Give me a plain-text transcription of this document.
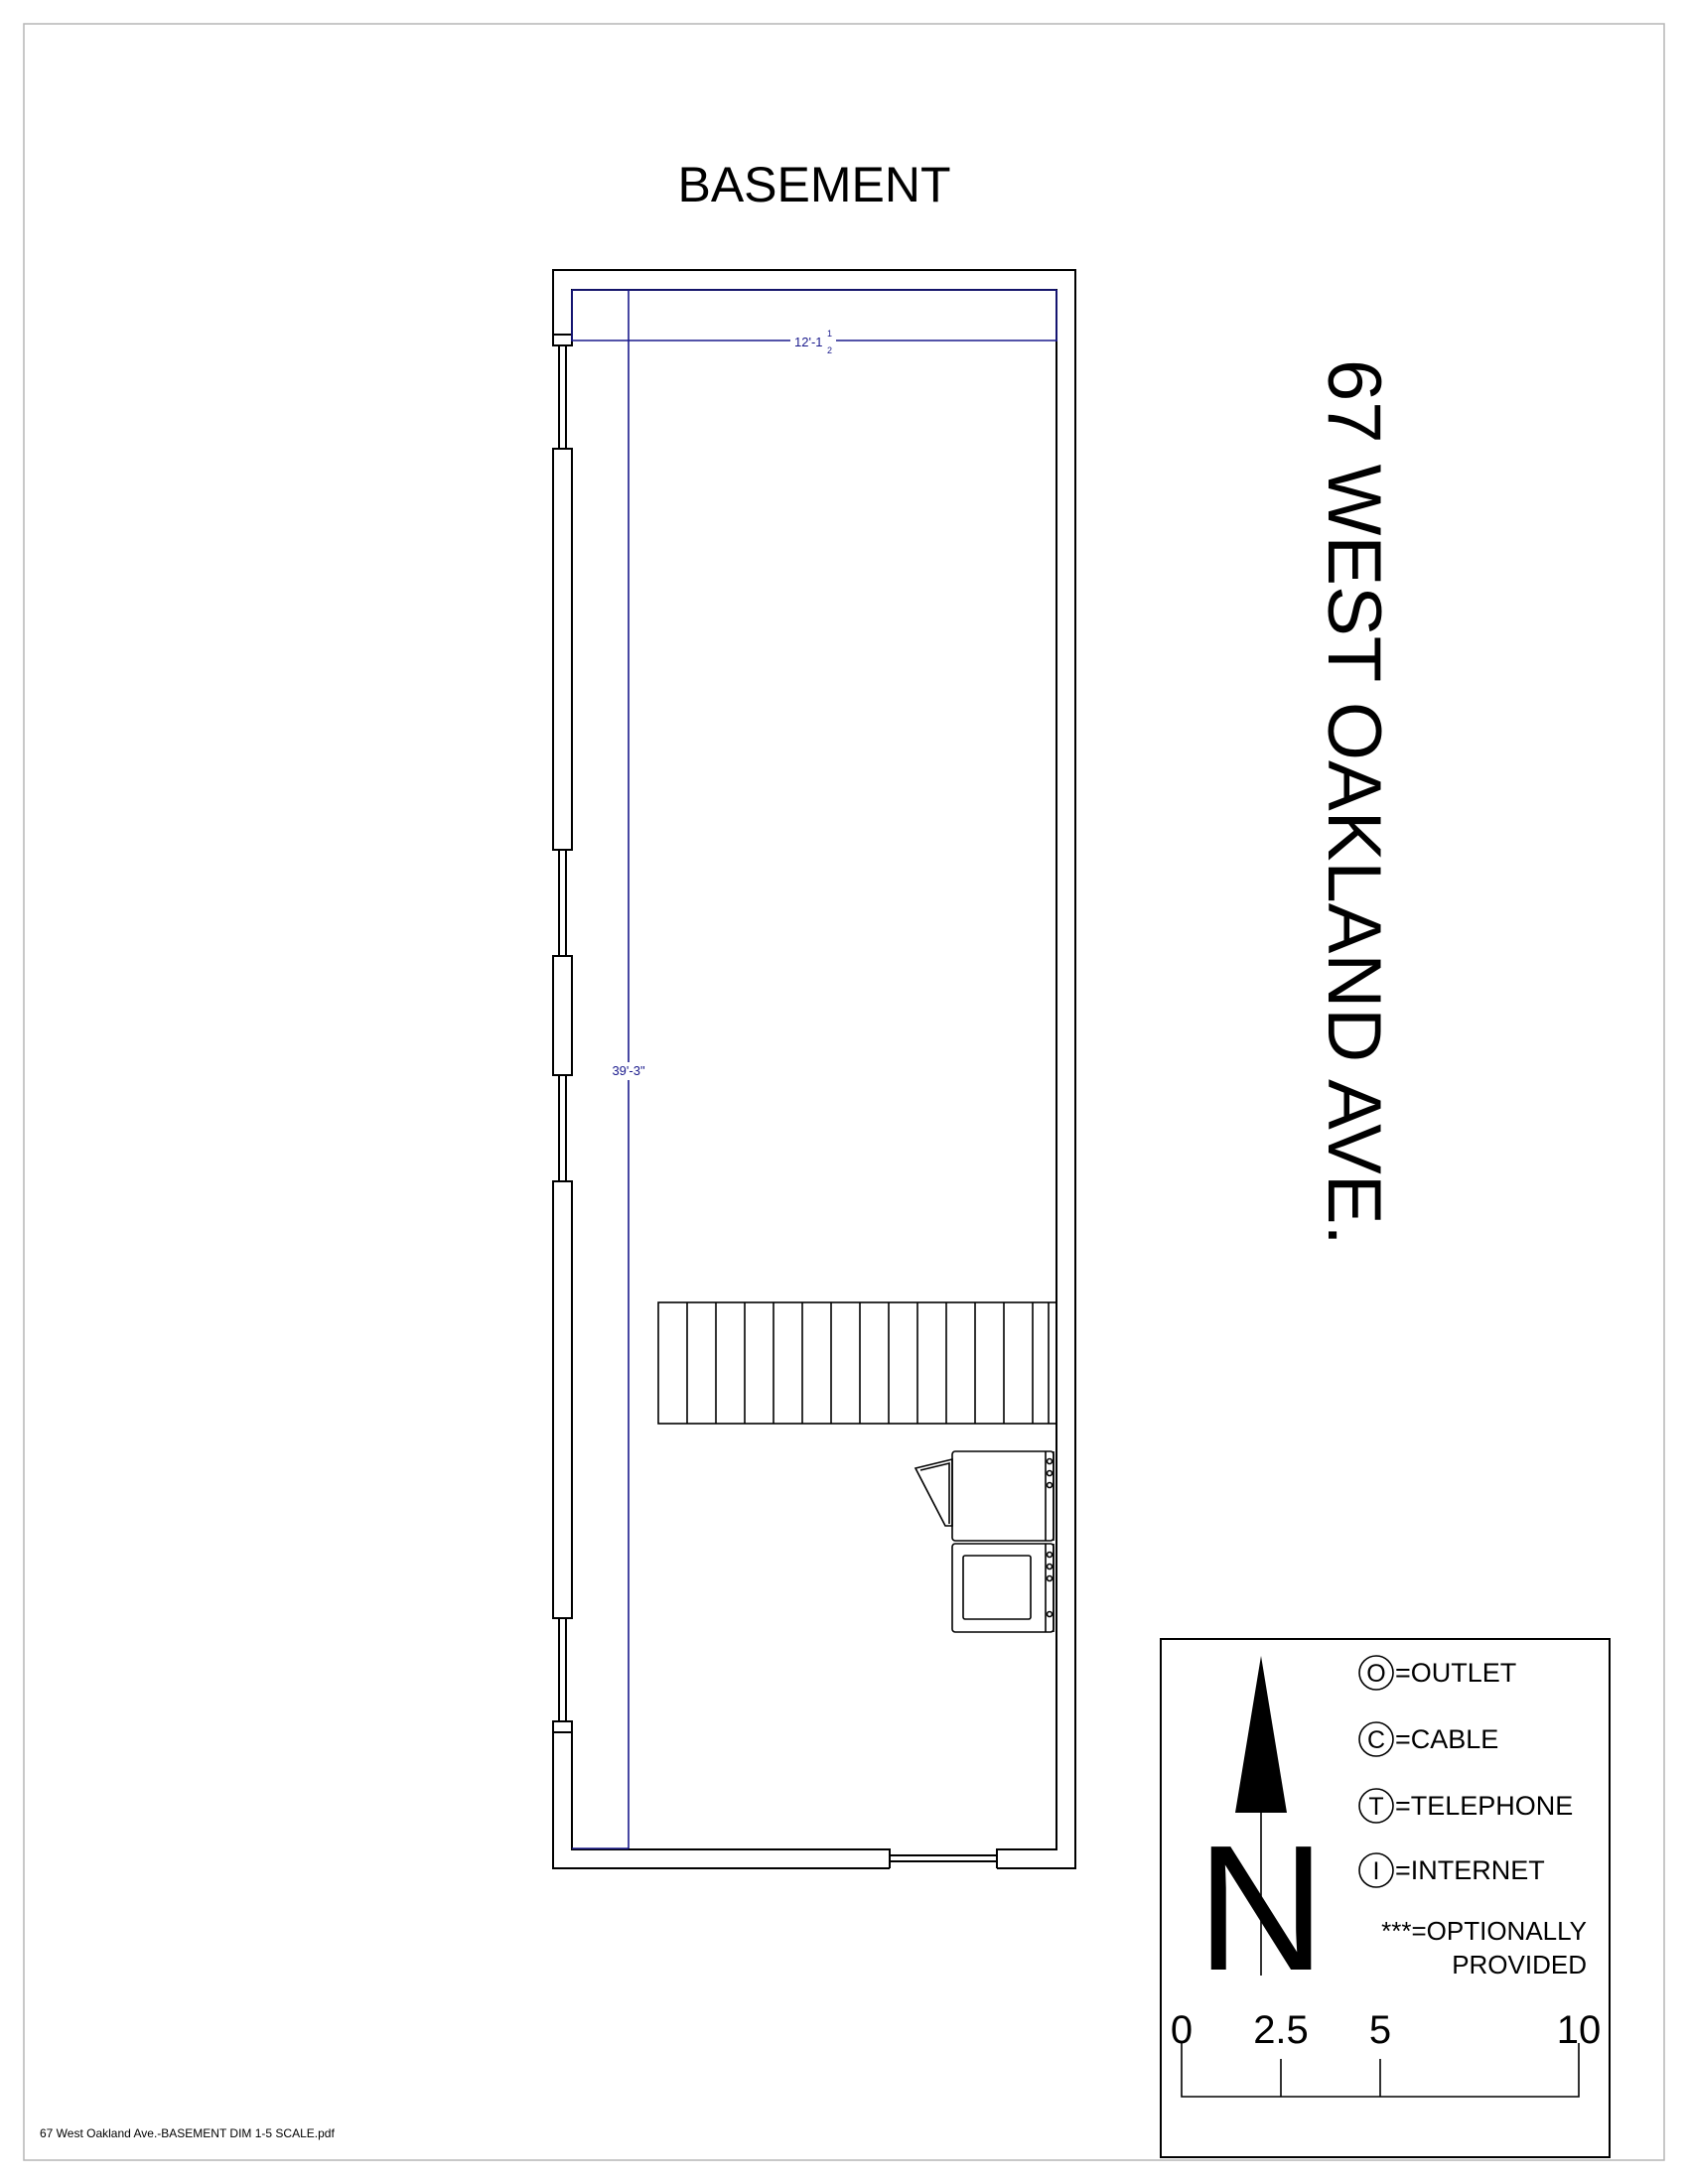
BASEMENT
67 WEST OAKLAND AVE.
12'-1
1
2
39'-3"
N
O =OUTLET
C =CABLE
T =TELEPHONE
I =INTERNET
***=OPTIONALLY
PROVIDED
0 2.5 5	10
67 West Oakland Ave.-BASEMENT DIM 1-5 SCALE.pdf
